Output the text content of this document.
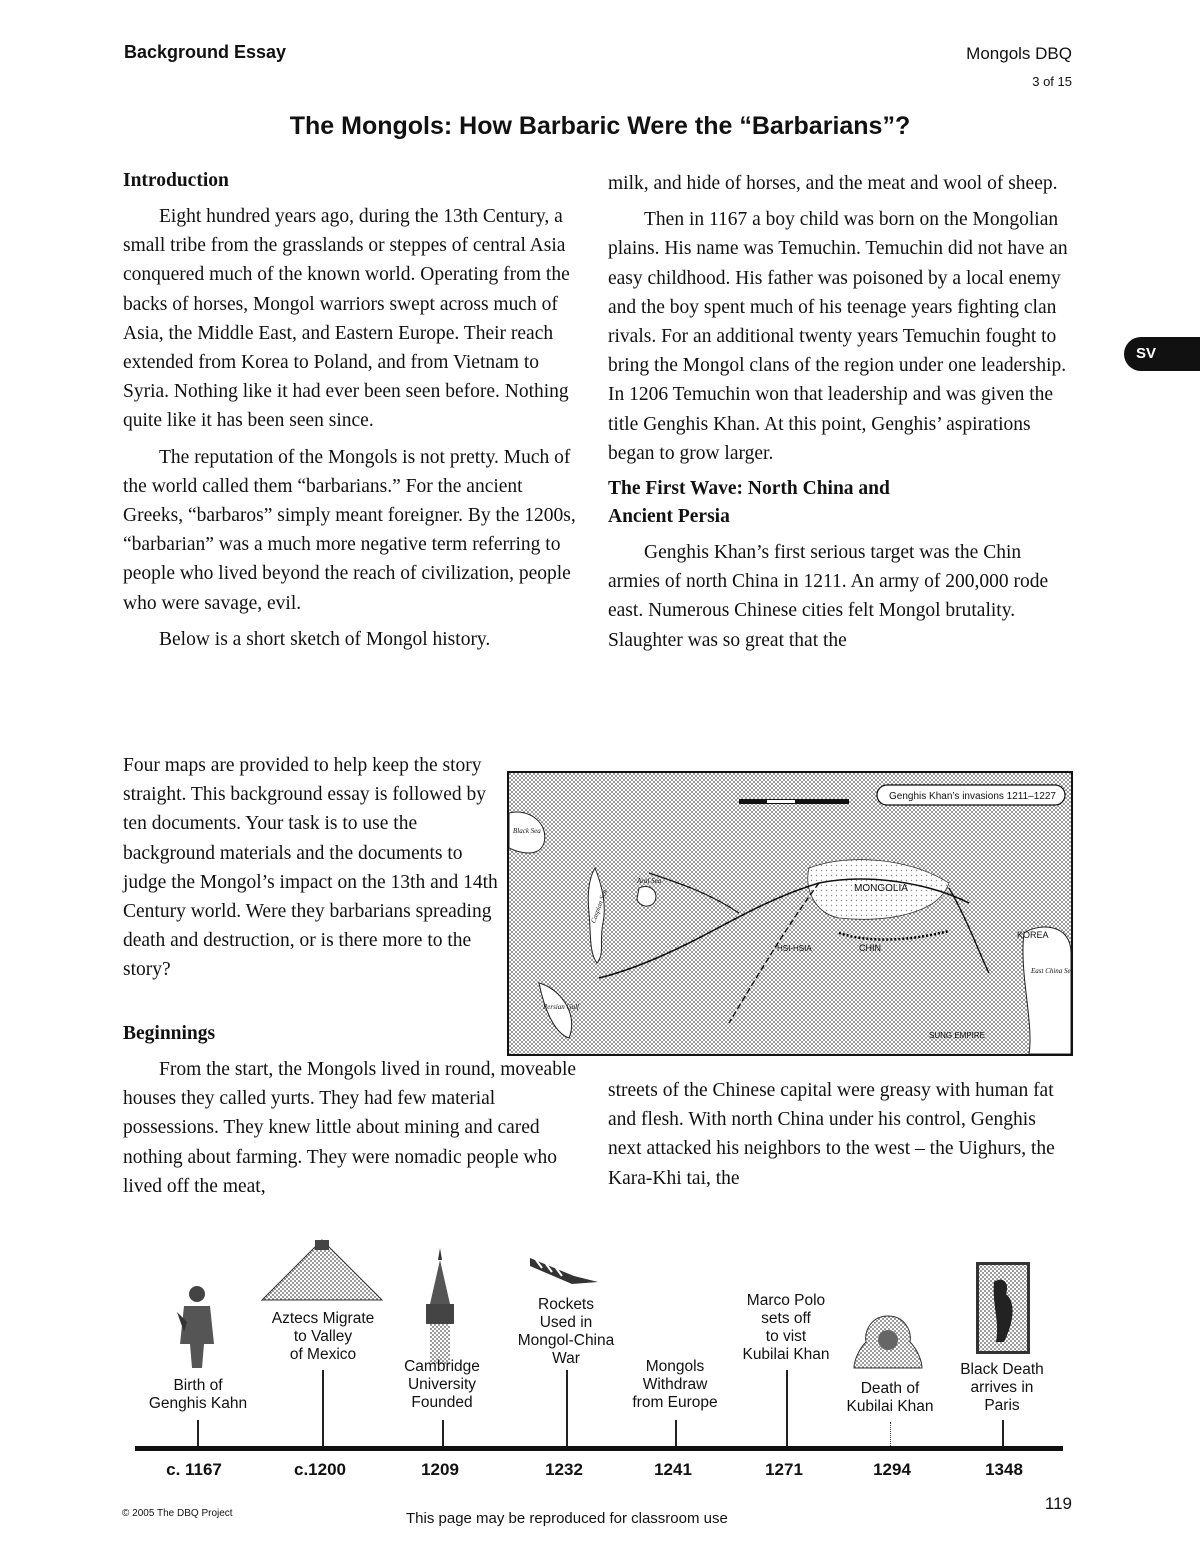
Background Essay	Mongols DBQ
3 of 15
The Mongols: How Barbaric Were the “Barbarians”?
SV
Introduction

Eight hundred years ago, during the 13th Century, a small tribe from the grasslands or steppes of central Asia conquered much of the known world. Operating from the backs of horses, Mongol warriors swept across much of Asia, the Middle East, and Eastern Europe. Their reach extended from Korea to Poland, and from Vietnam to Syria. Nothing like it had ever been seen before. Nothing quite like it has been seen since.

The reputation of the Mongols is not pretty. Much of the world called them “barbarians.” For the ancient Greeks, “barbaros” simply meant foreigner. By the 1200s, “barbarian” was a much more negative term referring to people who lived beyond the reach of civilization, people who were savage, evil.

Below is a short sketch of Mongol history.

Four maps are provided to help keep the story straight. This background essay is followed by ten documents. Your task is to use the background materials and the documents to judge the Mongol’s impact on the 13th and 14th Century world. Were they barbarians spreading death and destruction, or is there more to the story?

Beginnings

From the start, the Mongols lived in round, moveable houses they called yurts. They had few material possessions. They knew little about mining and cared nothing about farming. They were nomadic people who lived off the meat,

milk, and hide of horses, and the meat and wool of sheep.

Then in 1167 a boy child was born on the Mongolian plains. His name was Temuchin. Temuchin did not have an easy childhood. His father was poisoned by a local enemy and the boy spent much of his teenage years fighting clan rivals. For an additional twenty years Temuchin fought to bring the Mongol clans of the region under one leadership. In 1206 Temuchin won that leadership and was given the title Genghis Khan. At this point, Genghis’ aspirations began to grow larger.

The First Wave: North China and
Ancient Persia

Genghis Khan’s first serious target was the Chin armies of north China in 1211. An army of 200,000 rode east. Numerous Chinese cities felt Mongol brutality. Slaughter was so great that the

streets of the Chinese capital were greasy with human fat and flesh. With north China under his control, Genghis next attacked his neighbors to the west – the Uighurs, the Kara-Khi tai, the

Genghis Khan’s invasions 1211–1227
MONGOLIA
KOREA
CHIN
HSI-HSIA
Caspian Sea
Aral Sea
Black Sea
Persian Gulf
East China Sea
SUNG EMPIRE
Birth of
Genghis Kahn
c. 1167
Aztecs Migrate
to Valley
of Mexico
c.1200
Cambridge
University
Founded
1209
Rockets
Used in
Mongol-China
War
1232
Mongols
Withdraw
from Europe
1241
Marco Polo
sets off
to vist
Kubilai Khan
1271
Death of
Kubilai Khan
1294
Black Death
arrives in
Paris
1348
© 2005 The DBQ Project	This page may be reproduced for classroom use
119
